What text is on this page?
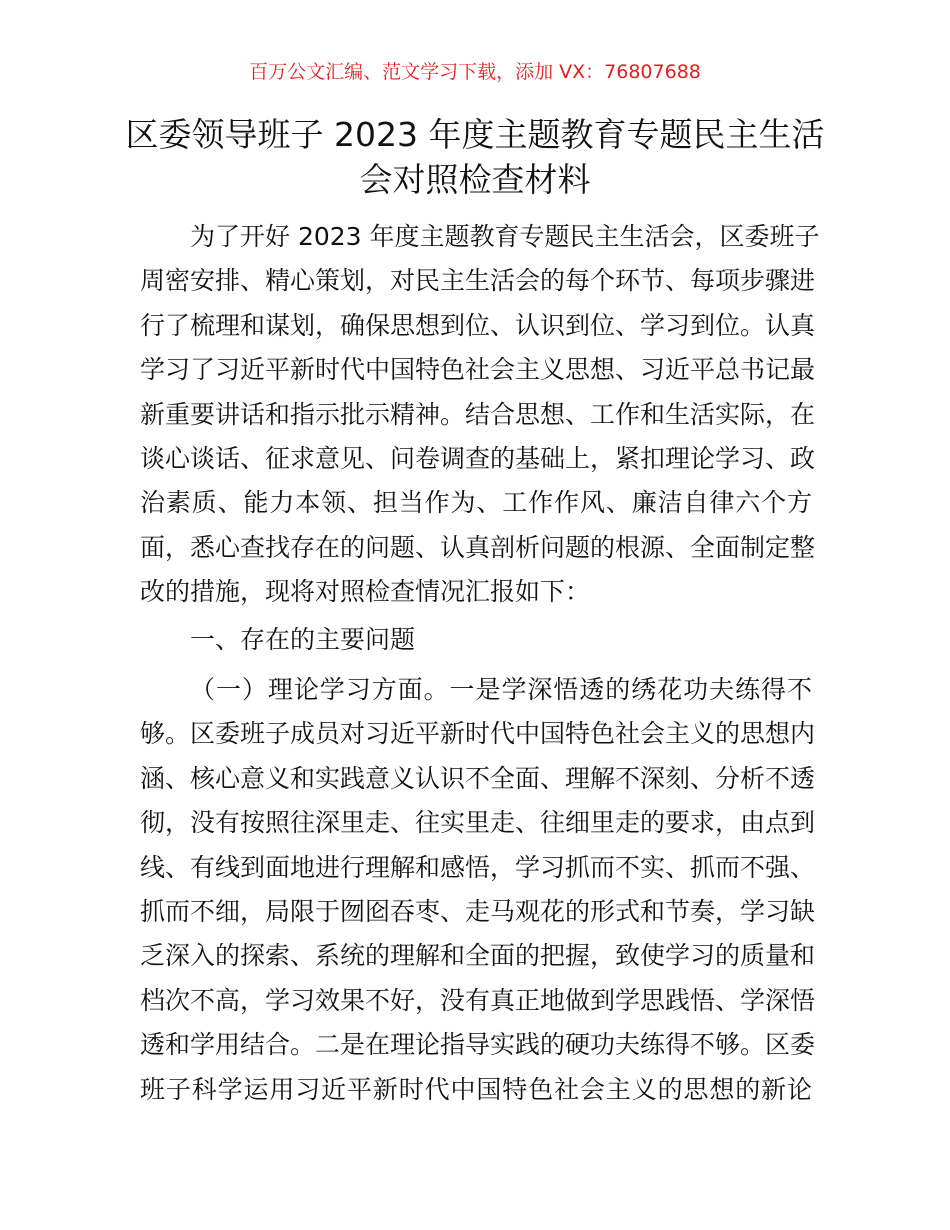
百万公文汇编、范文学习下载，添加 VX：76807688
区委领导班子 2023 年度主题教育专题民主生活
会对照检查材料
为了开好 2023 年度主题教育专题民主生活会，区委班子
周密安排、精心策划，对民主生活会的每个环节、每项步骤进
行了梳理和谋划，确保思想到位、认识到位、学习到位。认真
学习了习近平新时代中国特色社会主义思想、习近平总书记最
新重要讲话和指示批示精神。结合思想、工作和生活实际，在
谈心谈话、征求意见、问卷调查的基础上，紧扣理论学习、政
治素质、能力本领、担当作为、工作作风、廉洁自律六个方
面，悉心查找存在的问题、认真剖析问题的根源、全面制定整
改的措施，现将对照检查情况汇报如下：
一、存在的主要问题
（一）理论学习方面。一是学深悟透的绣花功夫练得不
够。区委班子成员对习近平新时代中国特色社会主义的思想内
涵、核心意义和实践意义认识不全面、理解不深刻、分析不透
彻，没有按照往深里走、往实里走、往细里走的要求，由点到
线、有线到面地进行理解和感悟，学习抓而不实、抓而不强、
抓而不细，局限于囫囵吞枣、走马观花的形式和节奏，学习缺
乏深入的探索、系统的理解和全面的把握，致使学习的质量和
档次不高，学习效果不好，没有真正地做到学思践悟、学深悟
透和学用结合。二是在理论指导实践的硬功夫练得不够。区委
班子科学运用习近平新时代中国特色社会主义的思想的新论
